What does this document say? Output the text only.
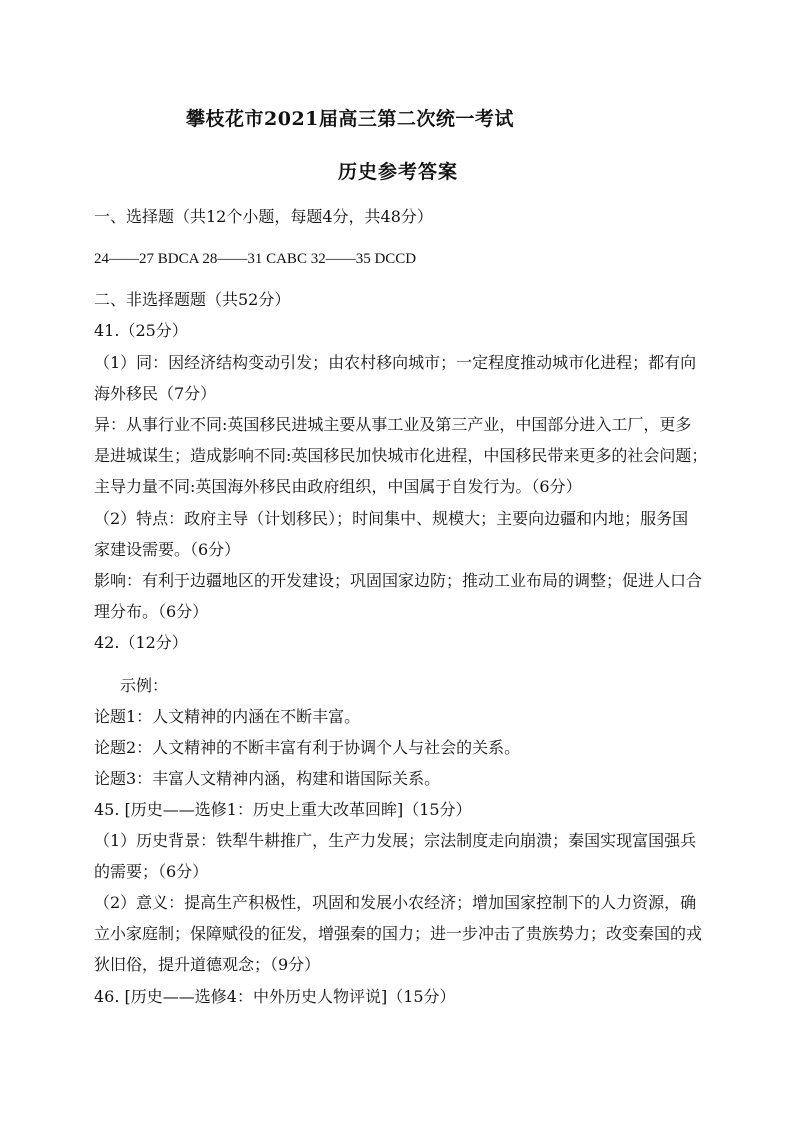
攀枝花市2021届高三第二次统一考试
历史参考答案
一、选择题（共12个小题，每题4分，共48分）
24——27 BDCA 28——31 CABC 32——35 DCCD
二、非选择题题（共52分）
41.（25分）
（1）同：因经济结构变动引发；由农村移向城市；一定程度推动城市化进程；都有向
海外移民（7分）
异：从事行业不同:英国移民进城主要从事工业及第三产业，中国部分进入工厂，更多
是进城谋生；造成影响不同:英国移民加快城市化进程，中国移民带来更多的社会问题；
主导力量不同:英国海外移民由政府组织，中国属于自发行为。（6分）
（2）特点：政府主导（计划移民）；时间集中、规模大；主要向边疆和内地；服务国
家建设需要。（6分）
影响：有利于边疆地区的开发建设；巩固国家边防；推动工业布局的调整；促进人口合
理分布。（6分）
42.（12分）
示例：
论题1：人文精神的内涵在不断丰富。
论题2：人文精神的不断丰富有利于协调个人与社会的关系。
论题3：丰富人文精神内涵，构建和谐国际关系。
45. [历史——选修1：历史上重大改革回眸]（15分）
（1）历史背景：铁犁牛耕推广，生产力发展；宗法制度走向崩溃；秦国实现富国强兵
的需要；（6分）
（2）意义：提高生产积极性，巩固和发展小农经济；增加国家控制下的人力资源，确
立小家庭制；保障赋役的征发，增强秦的国力；进一步冲击了贵族势力；改变秦国的戎
狄旧俗，提升道德观念；（9分）
46. [历史——选修4：中外历史人物评说]（15分）
